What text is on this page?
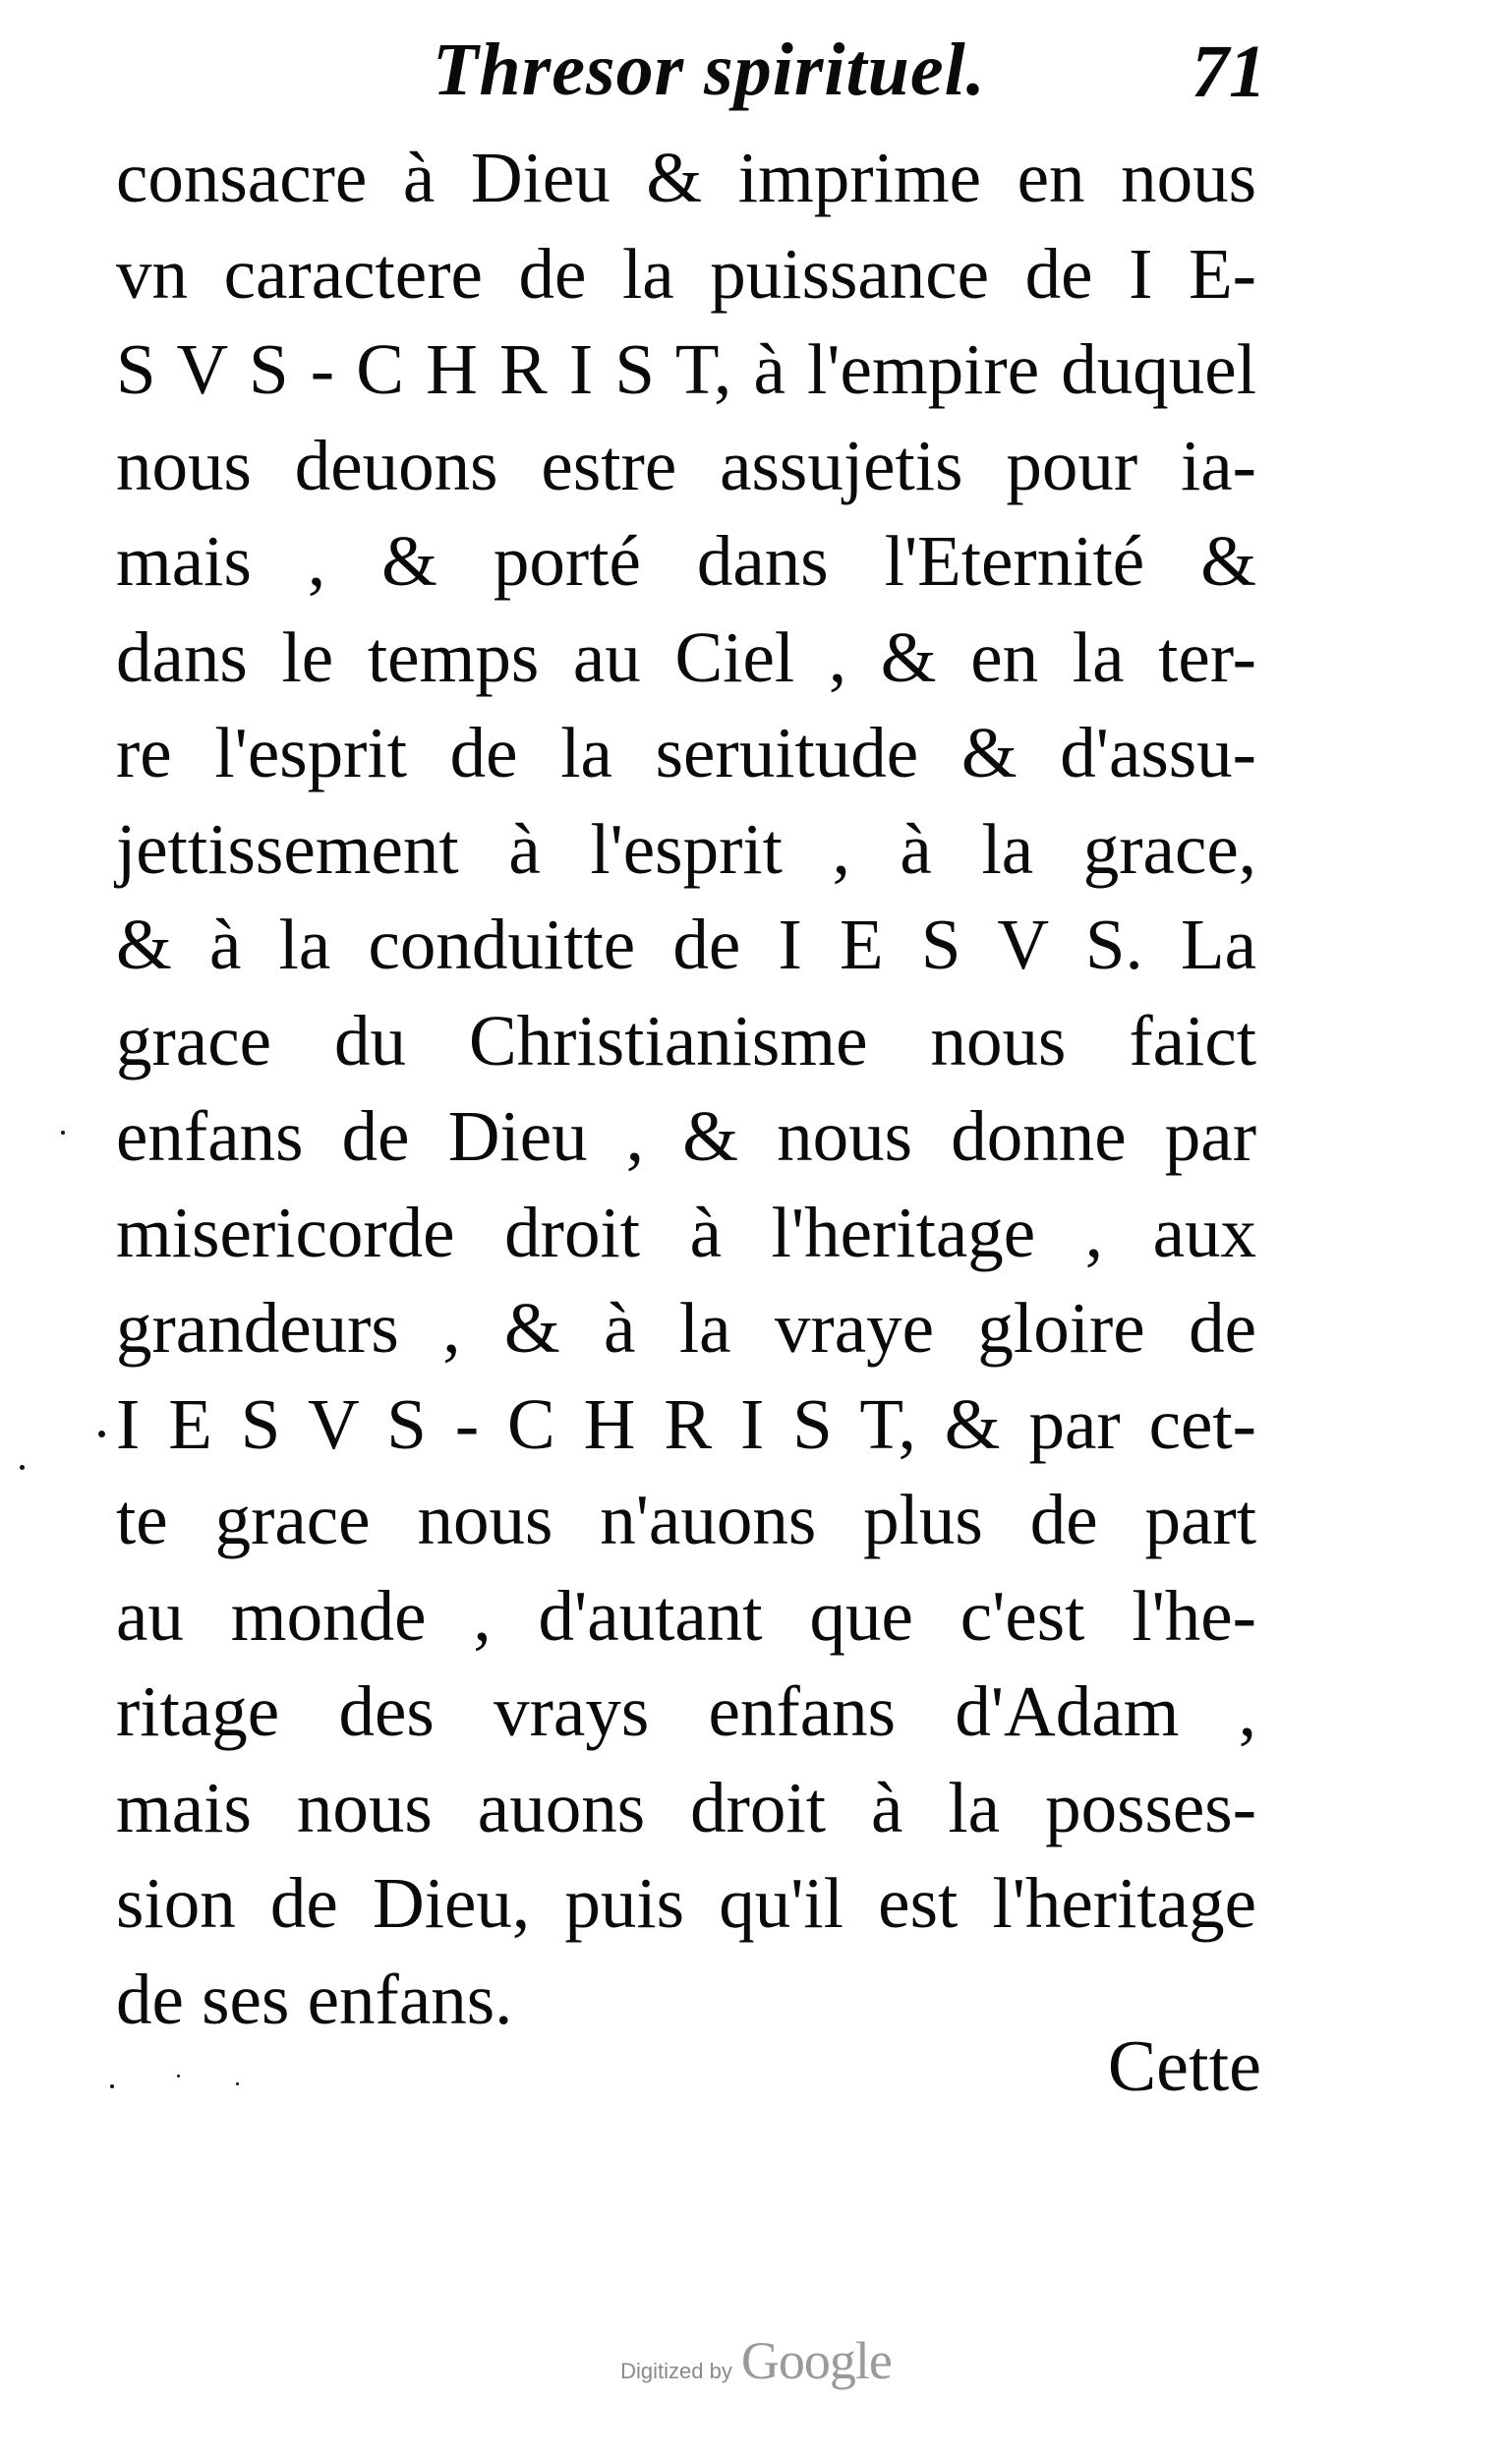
Thresor spirituel.	71
consacre à Dieu & imprime en nous
vn caractere de la puissance de I E-
S V S - C H R I S T, à l'empire duquel
nous deuons estre assujetis pour ia-
mais , & porté dans l'Eternité &
dans le temps au Ciel , & en la ter-
re l'esprit de la seruitude & d'assu-
jettissement à l'esprit , à la grace,
& à la conduitte de I E S V S. La
grace du Christianisme nous faict
enfans de Dieu , & nous donne par
misericorde droit à l'heritage , aux
grandeurs , & à la vraye gloire de
I E S V S - C H R I S T, & par cet-
te grace nous n'auons plus de part
au monde , d'autant que c'est l'he-
ritage des vrays enfans d'Adam ,
mais nous auons droit à la posses-
sion de Dieu, puis qu'il est l'heritage
de ses enfans.
Cette
Digitized by Google
